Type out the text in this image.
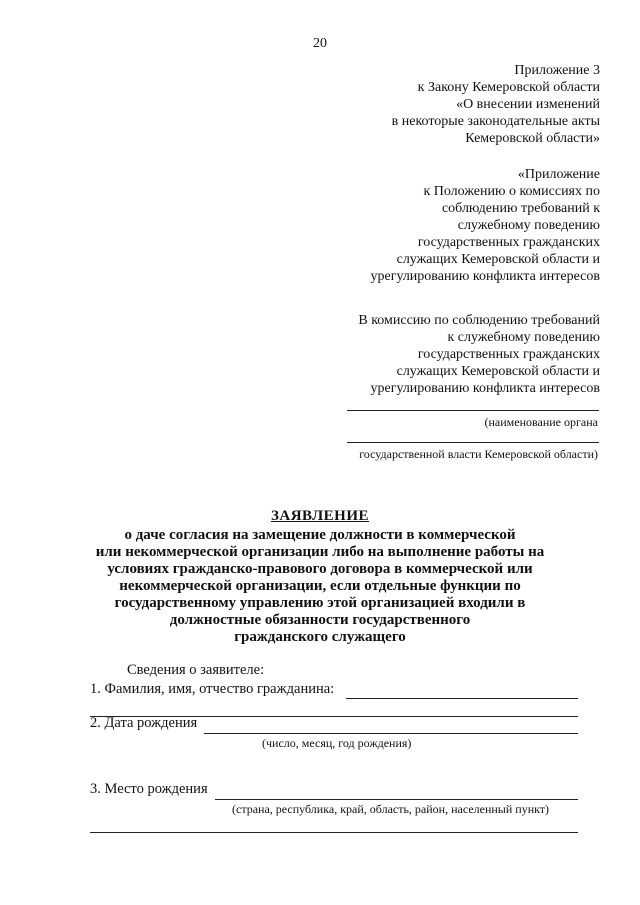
20
Приложение 3
к Закону Кемеровской области
«О внесении изменений
в некоторые законодательные акты
Кемеровской области»
«Приложение
к Положению о комиссиях по
соблюдению требований к
служебному поведению
государственных гражданских
служащих Кемеровской области и
урегулированию конфликта интересов
В комиссию по соблюдению требований
к служебному поведению
государственных гражданских
служащих Кемеровской области и
урегулированию конфликта интересов
(наименование органа
государственной власти Кемеровской области)
ЗАЯВЛЕНИЕ
о даче согласия на замещение должности в коммерческой
или некоммерческой организации либо на выполнение работы на
условиях гражданско-правового договора в коммерческой или
некоммерческой организации, если отдельные функции по
государственному управлению этой организацией входили в
должностные обязанности государственного
гражданского служащего
Сведения о заявителе:
1. Фамилия, имя, отчество гражданина:
2. Дата рождения
(число, месяц, год рождения)
3. Место рождения
(страна, республика, край, область, район, населенный пункт)
